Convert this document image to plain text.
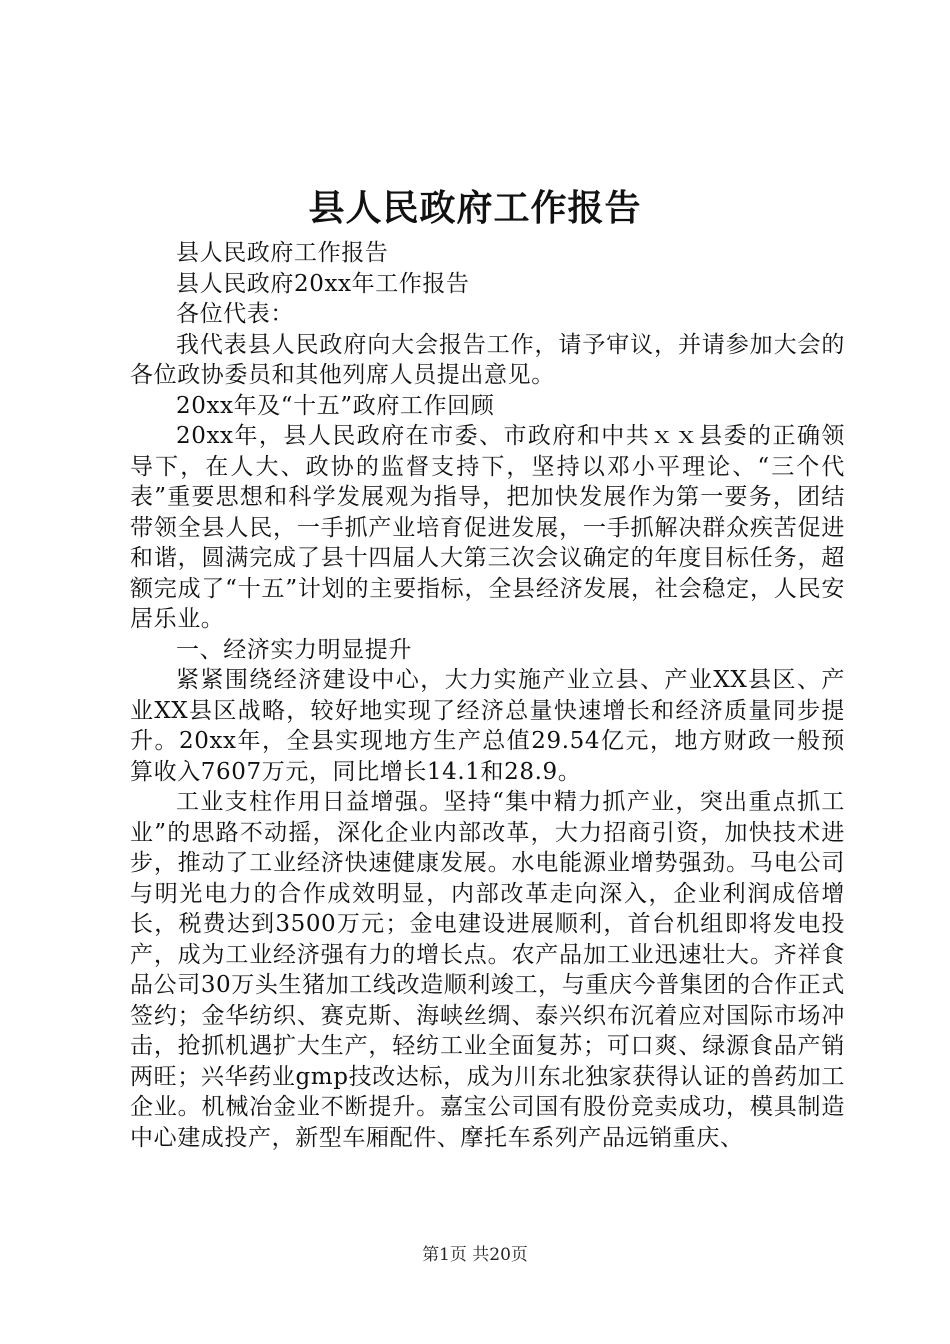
县人民政府工作报告

县人民政府工作报告

县人民政府20xx年工作报告

各位代表：

我代表县人民政府向大会报告工作，请予审议，并请参加大会的各位政协委员和其他列席人员提出意见。

20xx年及“十五”政府工作回顾

20xx年，县人民政府在市委、市政府和中共ｘｘ县委的正确领导下，在人大、政协的监督支持下，坚持以邓小平理论、“三个代表”重要思想和科学发展观为指导，把加快发展作为第一要务，团结带领全县人民，一手抓产业培育促进发展，一手抓解决群众疾苦促进和谐，圆满完成了县十四届人大第三次会议确定的年度目标任务，超额完成了“十五”计划的主要指标，全县经济发展，社会稳定，人民安居乐业。

一、经济实力明显提升

紧紧围绕经济建设中心，大力实施产业立县、产业XX县区、产业XX县区战略，较好地实现了经济总量快速增长和经济质量同步提升。20xx年，全县实现地方生产总值29.54亿元，地方财政一般预算收入7607万元，同比增长14.1和28.9。

工业支柱作用日益增强。坚持“集中精力抓产业，突出重点抓工业”的思路不动摇，深化企业内部改革，大力招商引资，加快技术进步，推动了工业经济快速健康发展。水电能源业增势强劲。马电公司与明光电力的合作成效明显，内部改革走向深入，企业利润成倍增长，税费达到3500万元；金电建设进展顺利，首台机组即将发电投产，成为工业经济强有力的增长点。农产品加工业迅速壮大。齐祥食品公司30万头生猪加工线改造顺利竣工，与重庆今普集团的合作正式签约；金华纺织、赛克斯、海峡丝绸、泰兴织布沉着应对国际市场冲击，抢抓机遇扩大生产，轻纺工业全面复苏；可口爽、绿源食品产销两旺；兴华药业gmp技改达标，成为川东北独家获得认证的兽药加工企业。机械冶金业不断提升。嘉宝公司国有股份竞卖成功，模具制造中心建成投产，新型车厢配件、摩托车系列产品远销重庆、

第1页 共20页
